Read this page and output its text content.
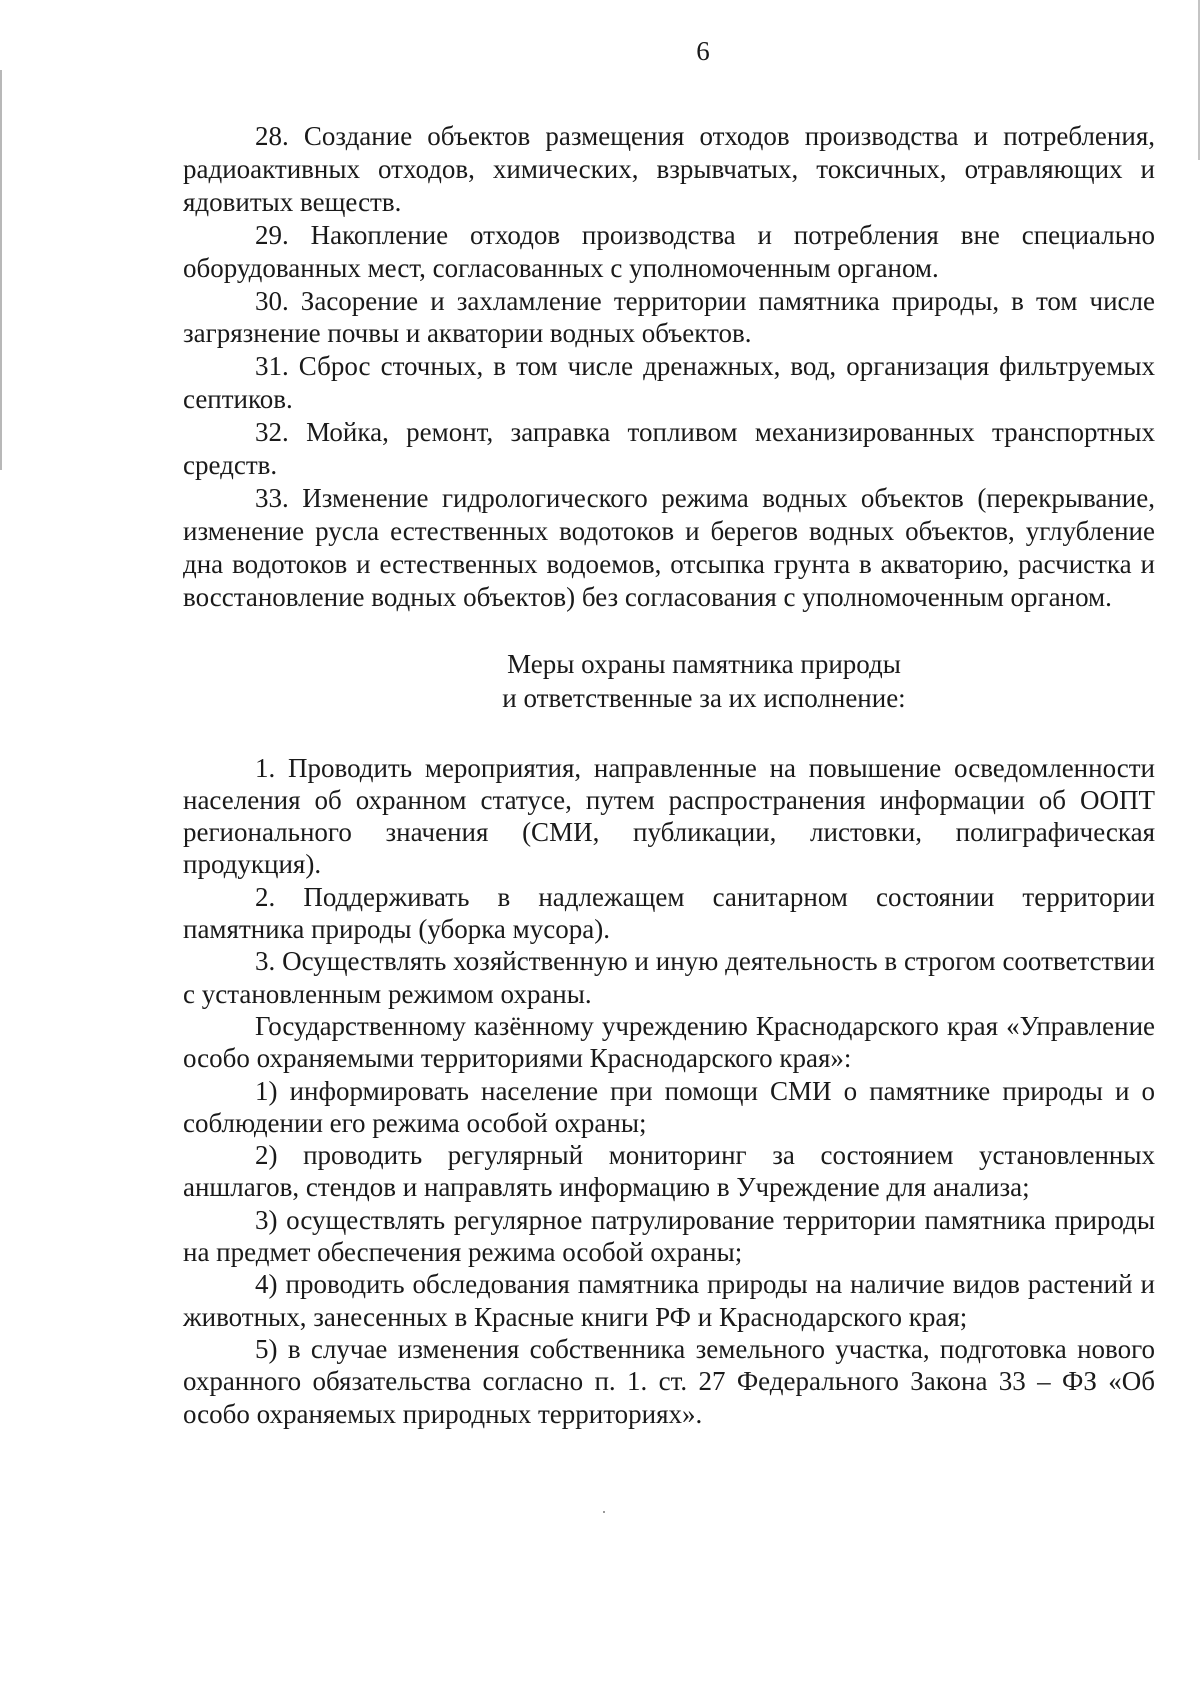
6

28. Создание объектов размещения отходов производства и потребления, радиоактивных отходов, химических, взрывчатых, токсичных, отравляющих и ядовитых веществ.

29. Накопление отходов производства и потребления вне специально оборудованных мест, согласованных с уполномоченным органом.

30. Засорение и захламление территории памятника природы, в том числе загрязнение почвы и акватории водных объектов.

31. Сброс сточных, в том числе дренажных, вод, организация фильтруемых септиков.

32. Мойка, ремонт, заправка топливом механизированных транспортных средств.

33. Изменение гидрологического режима водных объектов (перекрывание, изменение русла естественных водотоков и берегов водных объектов, углубление дна водотоков и естественных водоемов, отсыпка грунта в акваторию, расчистка и восстановление водных объектов) без согласования с уполномоченным органом.

Меры охраны памятника природы
и ответственные за их исполнение:

1. Проводить мероприятия, направленные на повышение осведомленности населения об охранном статусе, путем распространения информации об ООПТ регионального значения (СМИ, публикации, листовки, полиграфическая продукция).

2. Поддерживать в надлежащем санитарном состоянии территории памятника природы (уборка мусора).

3. Осуществлять хозяйственную и иную деятельность в строгом соответствии с установленным режимом охраны.

Государственному казённому учреждению Краснодарского края «Управление особо охраняемыми территориями Краснодарского края»:

1) информировать население при помощи СМИ о памятнике природы и о соблюдении его режима особой охраны;

2) проводить регулярный мониторинг за состоянием установленных аншлагов, стендов и направлять информацию в Учреждение для анализа;

3) осуществлять регулярное патрулирование территории памятника природы на предмет обеспечения режима особой охраны;

4) проводить обследования памятника природы на наличие видов растений и животных, занесенных в Красные книги РФ и Краснодарского края;

5) в случае изменения собственника земельного участка, подготовка нового охранного обязательства согласно п. 1. ст. 27 Федерального Закона 33 – ФЗ «Об особо охраняемых природных территориях».
